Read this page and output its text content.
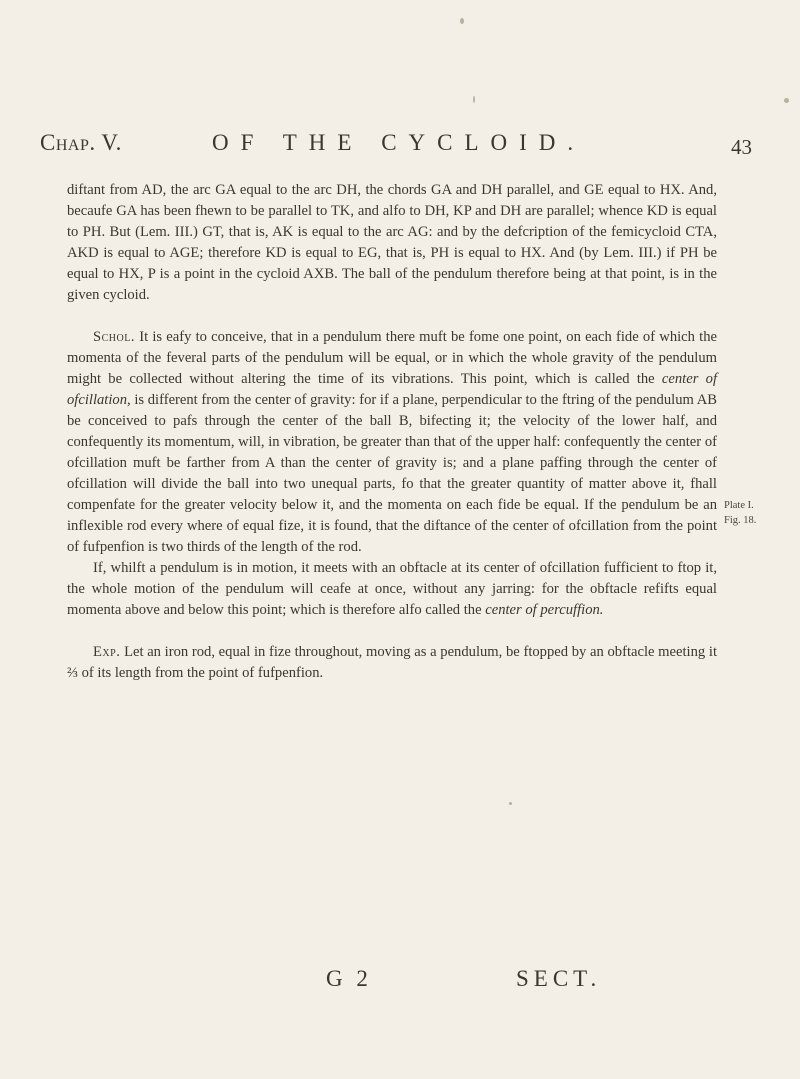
Chap. V.	OF THE CYCLOID.	43

diftant from AD, the arc GA equal to the arc DH, the chords GA and DH parallel, and GE equal to HX. And, becaufe GA has been fhewn to be parallel to TK, and alfo to DH, KP and DH are parallel; whence KD is equal to PH. But (Lem. III.) GT, that is, AK is equal to the arc AG: and by the defcription of the femicycloid CTA, AKD is equal to AGE; therefore KD is equal to EG, that is, PH is equal to HX. And (by Lem. III.) if PH be equal to HX, P is a point in the cycloid AXB. The ball of the pendulum therefore being at that point, is in the given cycloid.

Schol. It is eafy to conceive, that in a pendulum there muft be fome one point, on each fide of which the momenta of the feveral parts of the pendulum will be equal, or in which the whole gravity of the pendulum might be collected without altering the time of its vibrations. This point, which is called the center of ofcillation, is different from the center of gravity: for if a plane, perpendicular to the ftring of the pendulum AB be conceived to pafs through the center of the ball B, bifecting it; the velocity of the lower half, and confequently its momentum, will, in vibration, be greater than that of the upper half: confequently the center of ofcillation muft be farther from A than the center of gravity is; and a plane paffing through the center of ofcillation will divide the ball into two unequal parts, fo that the greater quantity of matter above it, fhall compenfate for the greater velocity below it, and the momenta on each fide be equal. If the pendulum be an inflexible rod every where of equal fize, it is found, that the diftance of the center of ofcillation from the point of fufpenfion is two thirds of the length of the rod.

If, whilft a pendulum is in motion, it meets with an obftacle at its center of ofcillation fufficient to ftop it, the whole motion of the pendulum will ceafe at once, without any jarring: for the obftacle refifts equal momenta above and below this point; which is therefore alfo called the center of percuffion.

Exp. Let an iron rod, equal in fize throughout, moving as a pendulum, be ftopped by an obftacle meeting it ⅔ of its length from the point of fufpenfion.

Plate I.
Fig. 18.
G 2	SECT.
